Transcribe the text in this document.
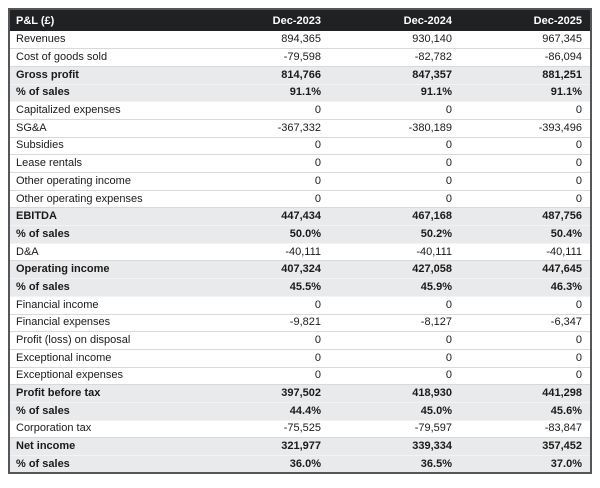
P&L (£)	Dec-2023	Dec-2024	Dec-2025
Revenues	894,365	930,140	967,345
Cost of goods sold	-79,598	-82,782	-86,094
Gross profit	814,766	847,357	881,251
% of sales	91.1%	91.1%	91.1%
Capitalized expenses	0	0	0
SG&A	-367,332	-380,189	-393,496
Subsidies	0	0	0
Lease rentals	0	0	0
Other operating income	0	0	0
Other operating expenses	0	0	0
EBITDA	447,434	467,168	487,756
% of sales	50.0%	50.2%	50.4%
D&A	-40,111	-40,111	-40,111
Operating income	407,324	427,058	447,645
% of sales	45.5%	45.9%	46.3%
Financial income	0	0	0
Financial expenses	-9,821	-8,127	-6,347
Profit (loss) on disposal	0	0	0
Exceptional income	0	0	0
Exceptional expenses	0	0	0
Profit before tax	397,502	418,930	441,298
% of sales	44.4%	45.0%	45.6%
Corporation tax	-75,525	-79,597	-83,847
Net income	321,977	339,334	357,452
% of sales	36.0%	36.5%	37.0%
